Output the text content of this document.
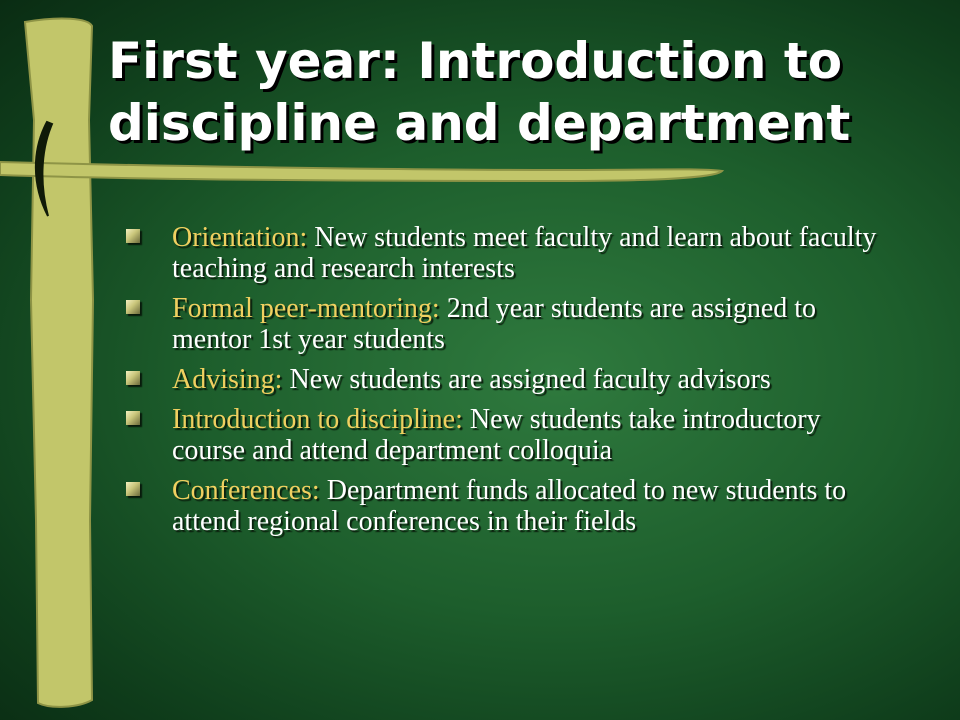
First year: Introduction to discipline and department
Orientation: New students meet faculty and learn about faculty teaching and research interests
Formal peer-mentoring: 2nd year students are assigned to mentor 1st year students
Advising: New students are assigned faculty advisors
Introduction to discipline: New students take introductory course and attend department colloquia
Conferences: Department funds allocated to new students to attend regional conferences in their fields
